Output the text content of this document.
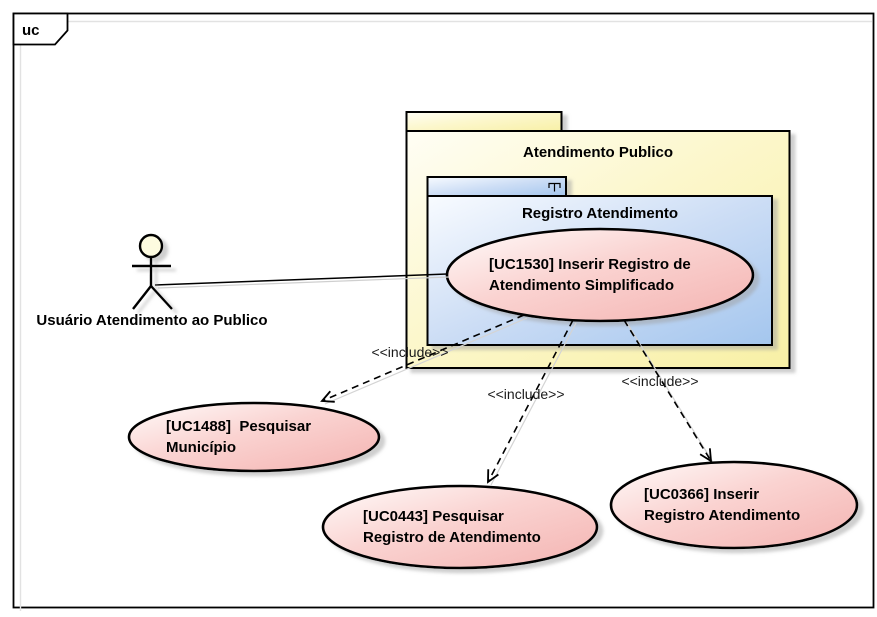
uc
Atendimento Publico
Registro Atendimento
[UC1530] Inserir Registro de
Atendimento Simplificado
<<include>>
<<include>>
<<include>>
[UC1488]  Pesquisar
Município
[UC0443] Pesquisar
Registro de Atendimento
[UC0366] Inserir
Registro Atendimento
Usuário Atendimento ao Publico
